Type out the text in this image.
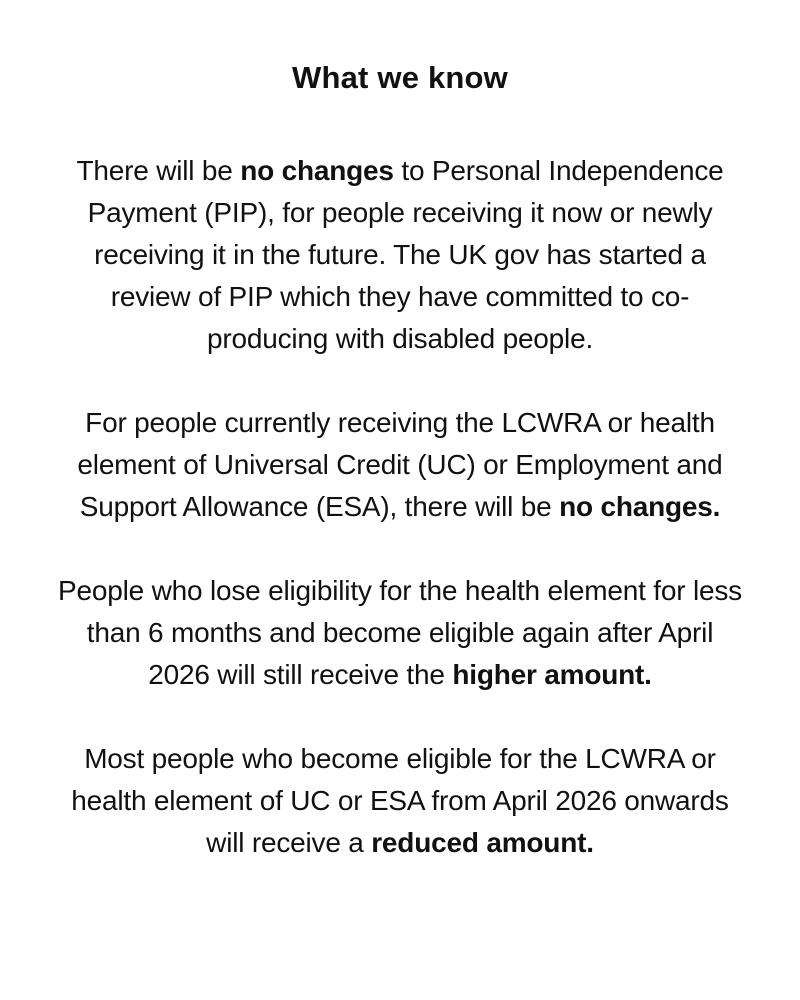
What we know

There will be no changes to Personal Independence Payment (PIP), for people receiving it now or newly receiving it in the future. The UK gov has started a review of PIP which they have committed to co-producing with disabled people.

For people currently receiving the LCWRA or health element of Universal Credit (UC) or Employment and Support Allowance (ESA), there will be no changes.

People who lose eligibility for the health element for less than 6 months and become eligible again after April 2026 will still receive the higher amount.

Most people who become eligible for the LCWRA or health element of UC or ESA from April 2026 onwards will receive a reduced amount.
